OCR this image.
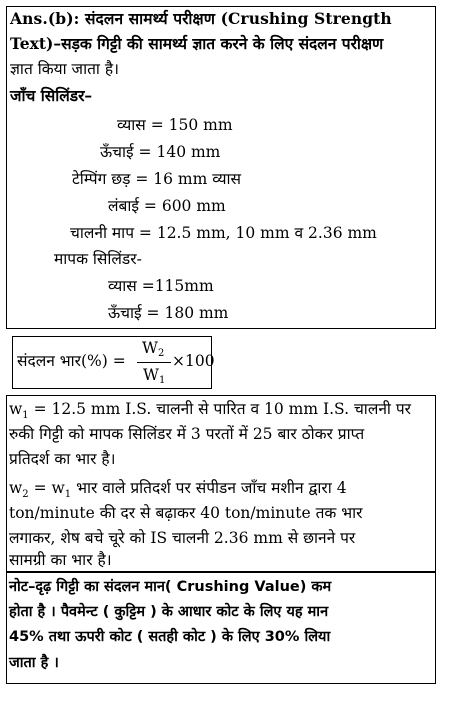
Ans.(b): संदलन सामर्थ्य परीक्षण (Crushing Strength
Text)–सड़क गिट्टी की सामर्थ्य ज्ञात करने के लिए संदलन परीक्षण
ज्ञात किया जाता है।
जाँच सिलिंडर–
व्यास = 150 mm
ऊँचाई = 140 mm
टेम्पिंग छड़ = 16 mm व्यास
लंबाई = 600 mm
चालनी माप = 12.5 mm, 10 mm व 2.36 mm
मापक सिलिंडर-
व्यास =115mm
ऊँचाई = 180 mm
संदलन भार(%) =
$W_2$
$W_1$
×100
$w_1 = 12.5$ mm I.S. चालनी से पारित व 10 mm I.S. चालनी पर
रुकी गिट्टी को मापक सिलिंडर में 3 परतों में 25 बार ठोकर प्राप्त
प्रतिदर्श का भार है।
$w_2 = w_1$ भार वाले प्रतिदर्श पर संपीडन जाँच मशीन द्वारा 4
ton/minute की दर से बढ़ाकर 40 ton/minute तक भार
लगाकर, शेष बचे चूरे को IS चालनी 2.36 mm से छानने पर
सामग्री का भार है।
नोट–दृढ़ गिट्टी का संदलन मान( Crushing Value) कम
होता है । पैवमेन्ट ( कुट्टिम ) के आधार कोट के लिए यह मान
45% तथा ऊपरी कोट ( सतही कोट ) के लिए 30% लिया
जाता है ।
